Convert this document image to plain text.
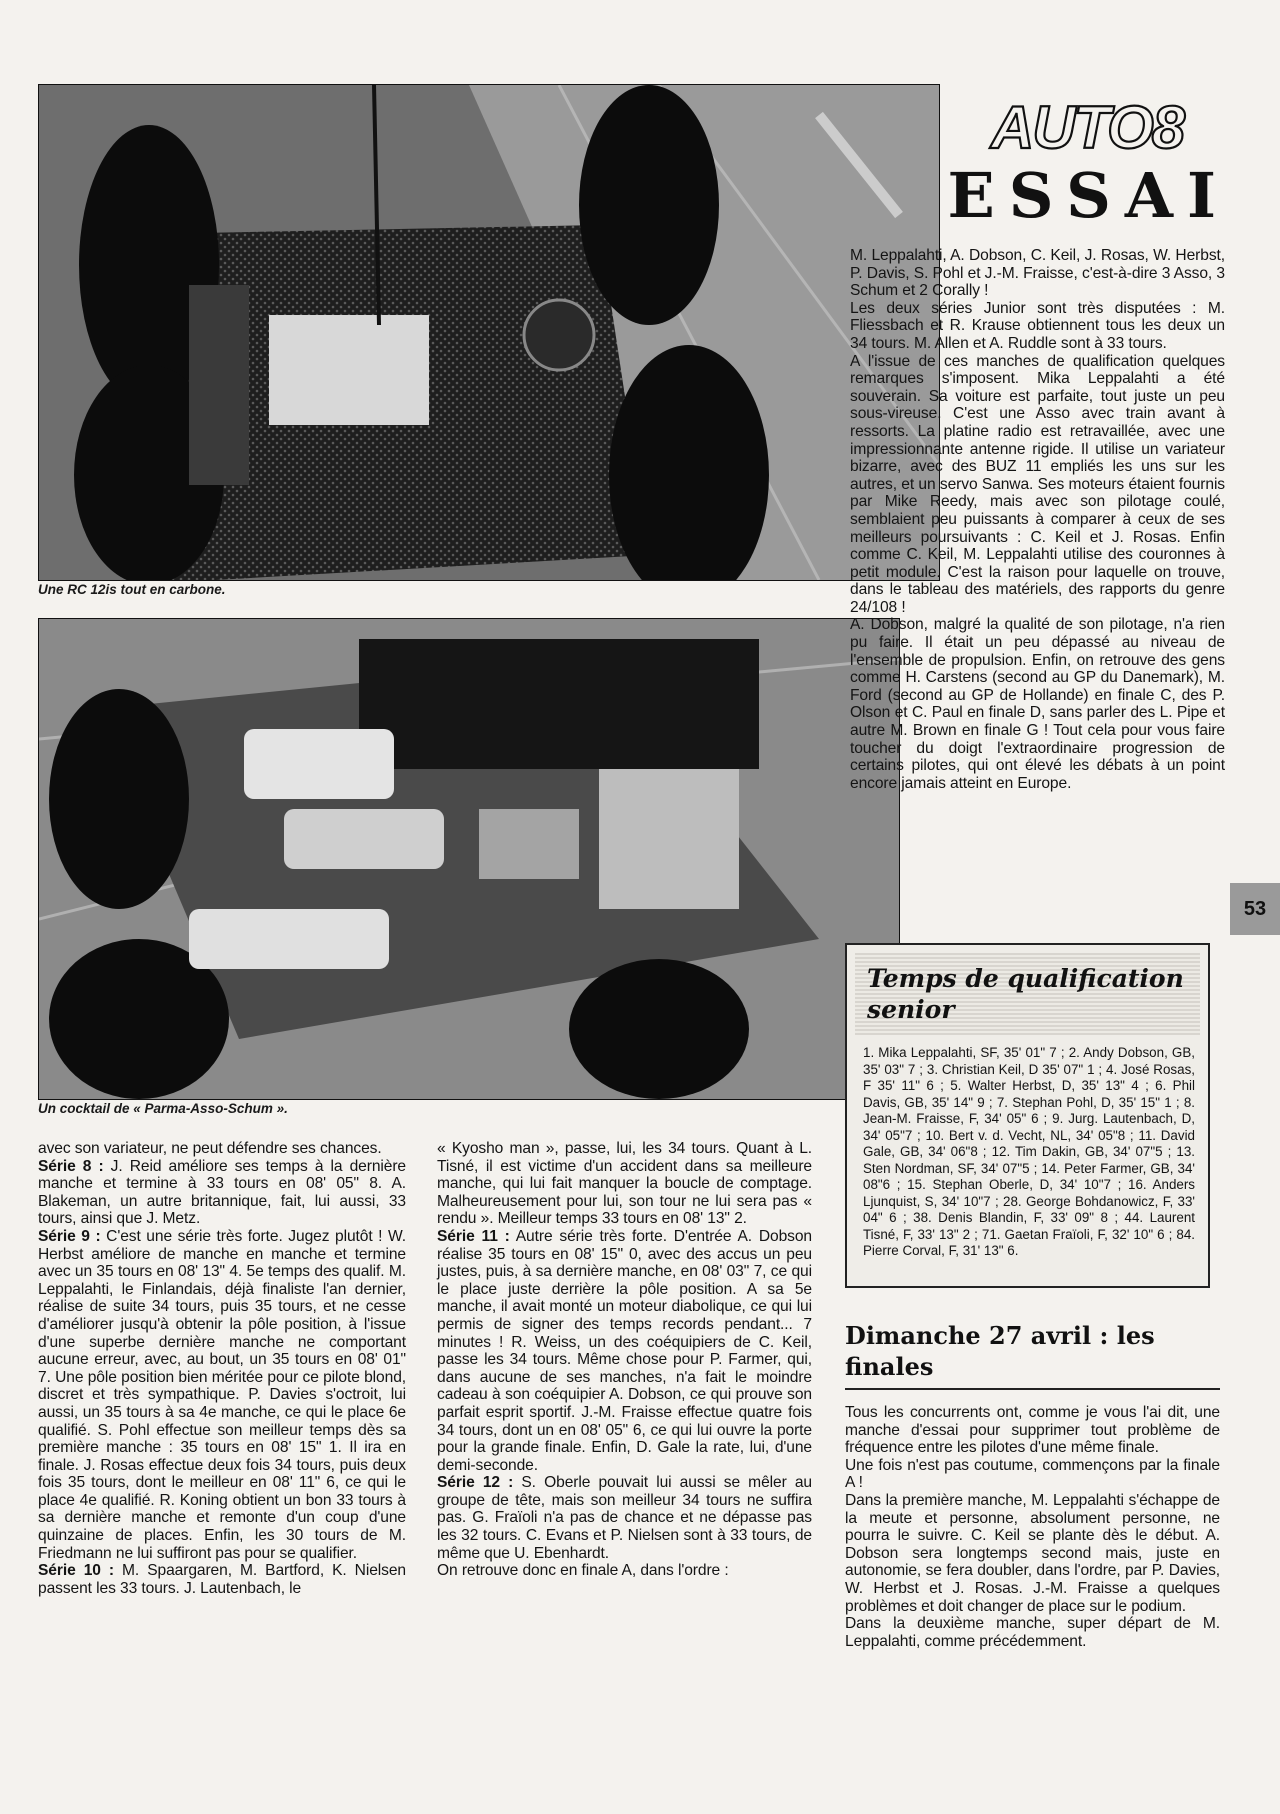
Une RC 12is tout en carbone.
Un cocktail de « Parma-Asso-Schum ».
AUTO8
ESSAI
53

M. Leppalahti, A. Dobson, C. Keil, J. Rosas, W. Herbst, P. Davis, S. Pohl et J.-M. Fraisse, c'est-à-dire 3 Asso, 3 Schum et 2 Corally !

Les deux séries Junior sont très disputées : M. Fliessbach et R. Krause obtiennent tous les deux un 34 tours. M. Allen et A. Ruddle sont à 33 tours.

A l'issue de ces manches de qualification quelques remarques s'imposent. Mika Leppalahti a été souverain. Sa voiture est parfaite, tout juste un peu sous-vireuse. C'est une Asso avec train avant à ressorts. La platine radio est retravaillée, avec une impressionnante antenne rigide. Il utilise un variateur bizarre, avec des BUZ 11 empliés les uns sur les autres, et un servo Sanwa. Ses moteurs étaient fournis par Mike Reedy, mais avec son pilotage coulé, semblaient peu puissants à comparer à ceux de ses meilleurs poursuivants : C. Keil et J. Rosas. Enfin comme C. Keil, M. Leppalahti utilise des couronnes à petit module. C'est la raison pour laquelle on trouve, dans le tableau des matériels, des rapports du genre 24/108 !

A. Dobson, malgré la qualité de son pilotage, n'a rien pu faire. Il était un peu dépassé au niveau de l'ensemble de propulsion. Enfin, on retrouve des gens comme H. Carstens (second au GP du Danemark), M. Ford (second au GP de Hollande) en finale C, des P. Olson et C. Paul en finale D, sans parler des L. Pipe et autre M. Brown en finale G ! Tout cela pour vous faire toucher du doigt l'extraordinaire progression de certains pilotes, qui ont élevé les débats à un point encore jamais atteint en Europe.

Temps de qualification senior
1. Mika Leppalahti, SF, 35' 01" 7 ; 2. Andy Dobson, GB, 35' 03" 7 ; 3. Christian Keil, D 35' 07" 1 ; 4. José Rosas, F 35' 11" 6 ; 5. Walter Herbst, D, 35' 13" 4 ; 6. Phil Davis, GB, 35' 14" 9 ; 7. Stephan Pohl, D, 35' 15" 1 ; 8. Jean-M. Fraisse, F, 34' 05" 6 ; 9. Jurg. Lautenbach, D, 34' 05"7 ; 10. Bert v. d. Vecht, NL, 34' 05"8 ; 11. David Gale, GB, 34' 06"8 ; 12. Tim Dakin, GB, 34' 07"5 ; 13. Sten Nordman, SF, 34' 07"5 ; 14. Peter Farmer, GB, 34' 08"6 ; 15. Stephan Oberle, D, 34' 10"7 ; 16. Anders Ljunquist, S, 34' 10"7 ; 28. George Bohdanowicz, F, 33' 04" 6 ; 38. Denis Blandin, F, 33' 09" 8 ; 44. Laurent Tisné, F, 33' 13" 2 ; 71. Gaetan Fraïoli, F, 32' 10" 6 ; 84. Pierre Corval, F, 31' 13" 6.
Dimanche 27 avril : les finales

Tous les concurrents ont, comme je vous l'ai dit, une manche d'essai pour supprimer tout problème de fréquence entre les pilotes d'une même finale.

Une fois n'est pas coutume, commençons par la finale A !

Dans la première manche, M. Leppalahti s'échappe de la meute et personne, absolument personne, ne pourra le suivre. C. Keil se plante dès le début. A. Dobson sera longtemps second mais, juste en autonomie, se fera doubler, dans l'ordre, par P. Davies, W. Herbst et J. Rosas. J.-M. Fraisse a quelques problèmes et doit changer de place sur le podium.

Dans la deuxième manche, super départ de M. Leppalahti, comme précédemment.

avec son variateur, ne peut défendre ses chances.

Série 8 : J. Reid améliore ses temps à la dernière manche et termine à 33 tours en 08' 05" 8. A. Blakeman, un autre britannique, fait, lui aussi, 33 tours, ainsi que J. Metz.

Série 9 : C'est une série très forte. Jugez plutôt ! W. Herbst améliore de manche en manche et termine avec un 35 tours en 08' 13" 4. 5e temps des qualif. M. Leppalahti, le Finlandais, déjà finaliste l'an dernier, réalise de suite 34 tours, puis 35 tours, et ne cesse d'améliorer jusqu'à obtenir la pôle position, à l'issue d'une superbe dernière manche ne comportant aucune erreur, avec, au bout, un 35 tours en 08' 01" 7. Une pôle position bien méritée pour ce pilote blond, discret et très sympathique. P. Davies s'octroit, lui aussi, un 35 tours à sa 4e manche, ce qui le place 6e qualifié. S. Pohl effectue son meilleur temps dès sa première manche : 35 tours en 08' 15" 1. Il ira en finale. J. Rosas effectue deux fois 34 tours, puis deux fois 35 tours, dont le meilleur en 08' 11" 6, ce qui le place 4e qualifié. R. Koning obtient un bon 33 tours à sa dernière manche et remonte d'un coup d'une quinzaine de places. Enfin, les 30 tours de M. Friedmann ne lui suffiront pas pour se qualifier.

Série 10 : M. Spaargaren, M. Bartford, K. Nielsen passent les 33 tours. J. Lautenbach, le

« Kyosho man », passe, lui, les 34 tours. Quant à L. Tisné, il est victime d'un accident dans sa meilleure manche, qui lui fait manquer la boucle de comptage. Malheureusement pour lui, son tour ne lui sera pas « rendu ». Meilleur temps 33 tours en 08' 13" 2.

Série 11 : Autre série très forte. D'entrée A. Dobson réalise 35 tours en 08' 15" 0, avec des accus un peu justes, puis, à sa dernière manche, en 08' 03" 7, ce qui le place juste derrière la pôle position. A sa 5e manche, il avait monté un moteur diabolique, ce qui lui permis de signer des temps records pendant... 7 minutes ! R. Weiss, un des coéquipiers de C. Keil, passe les 34 tours. Même chose pour P. Farmer, qui, dans aucune de ses manches, n'a fait le moindre cadeau à son coéquipier A. Dobson, ce qui prouve son parfait esprit sportif. J.-M. Fraisse effectue quatre fois 34 tours, dont un en 08' 05" 6, ce qui lui ouvre la porte pour la grande finale. Enfin, D. Gale la rate, lui, d'une demi-seconde.

Série 12 : S. Oberle pouvait lui aussi se mêler au groupe de tête, mais son meilleur 34 tours ne suffira pas. G. Fraïoli n'a pas de chance et ne dépasse pas les 32 tours. C. Evans et P. Nielsen sont à 33 tours, de même que U. Ebenhardt.

On retrouve donc en finale A, dans l'ordre :
